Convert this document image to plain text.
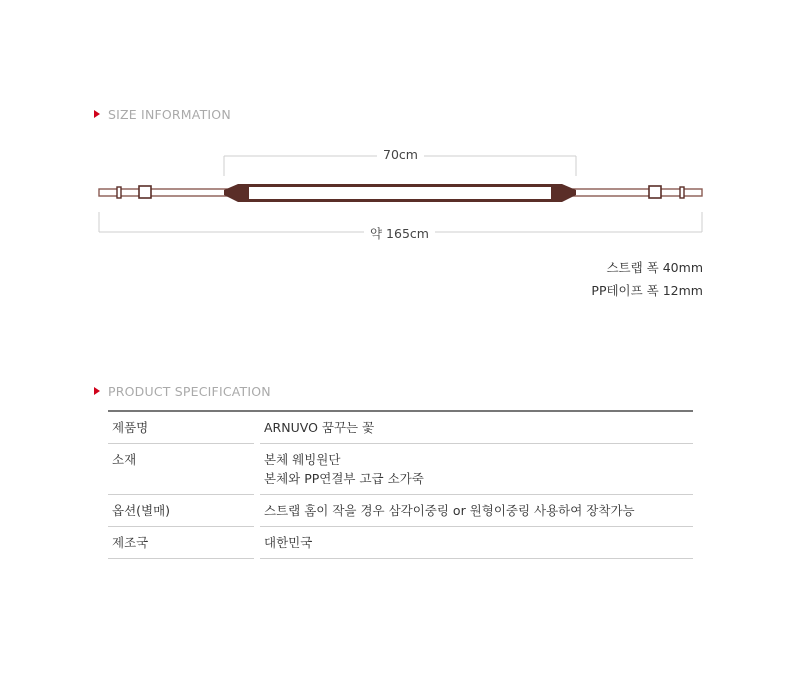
SIZE INFORMATION
70cm
약 165cm
스트랩 폭 40mm
PP테이프 폭 12mm
PRODUCT SPECIFICATION
제품명	ARNUVO 꿈꾸는 꽃
소재	본체 웨빙원단
본체와 PP연결부 고급 소가죽
옵션(별매)	스트랩 홈이 작을 경우 삼각이중링 or 원형이중링 사용하여 장착가능
제조국	대한민국
